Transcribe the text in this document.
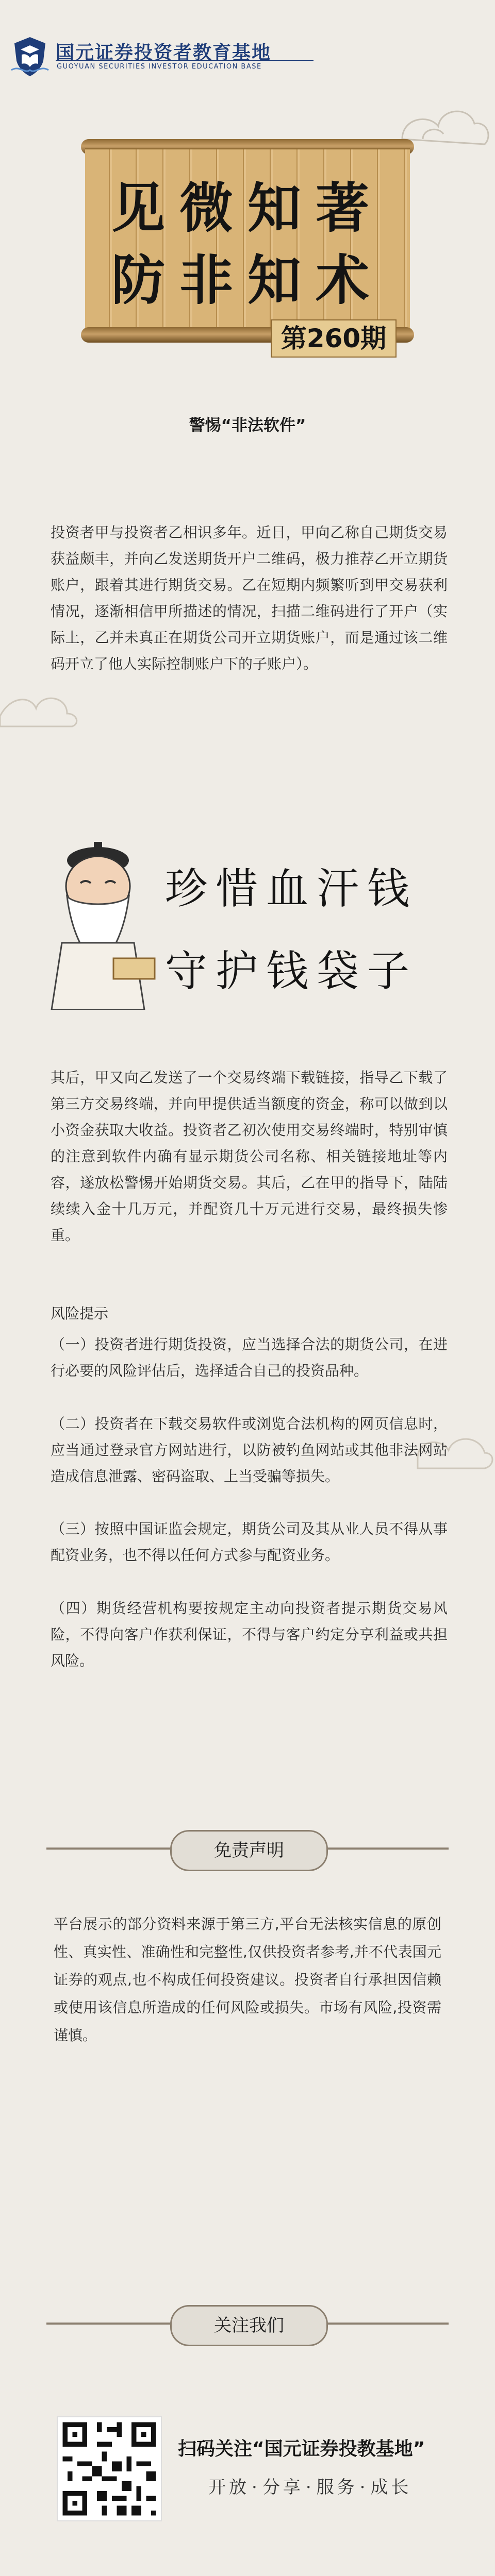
国元证券投资者教育基地
GUOYUAN SECURITIES INVESTOR EDUCATION BASE
见微知著
防非知术
第260期
警惕“非法软件”
投资者甲与投资者乙相识多年。近日，甲向乙称自己期货交易获益颇丰，并向乙发送期货开户二维码，极力推荐乙开立期货账户，跟着其进行期货交易。乙在短期内频繁听到甲交易获利情况，逐渐相信甲所描述的情况，扫描二维码进行了开户（实际上，乙并未真正在期货公司开立期货账户，而是通过该二维码开立了他人实际控制账户下的子账户）。
珍惜血汗钱
守护钱袋子
其后，甲又向乙发送了一个交易终端下载链接，指导乙下载了第三方交易终端，并向甲提供适当额度的资金，称可以做到以小资金获取大收益。投资者乙初次使用交易终端时，特别审慎的注意到软件内确有显示期货公司名称、相关链接地址等内容，遂放松警惕开始期货交易。其后，乙在甲的指导下，陆陆续续入金十几万元，并配资几十万元进行交易，最终损失惨重。
风险提示
（一）投资者进行期货投资，应当选择合法的期货公司，在进行必要的风险评估后，选择适合自己的投资品种。
（二）投资者在下载交易软件或浏览合法机构的网页信息时，应当通过登录官方网站进行，以防被钓鱼网站或其他非法网站造成信息泄露、密码盗取、上当受骗等损失。
（三）按照中国证监会规定，期货公司及其从业人员不得从事配资业务，也不得以任何方式参与配资业务。
（四）期货经营机构要按规定主动向投资者提示期货交易风险，不得向客户作获利保证，不得与客户约定分享利益或共担风险。
免责声明
平台展示的部分资料来源于第三方,平台无法核实信息的原创性、真实性、准确性和完整性,仅供投资者参考,并不代表国元证券的观点,也不构成任何投资建议。投资者自行承担因信赖或使用该信息所造成的任何风险或损失。市场有风险,投资需谨慎。
关注我们
扫码关注“国元证券投教基地”
开放 · 分享 · 服务 · 成长
